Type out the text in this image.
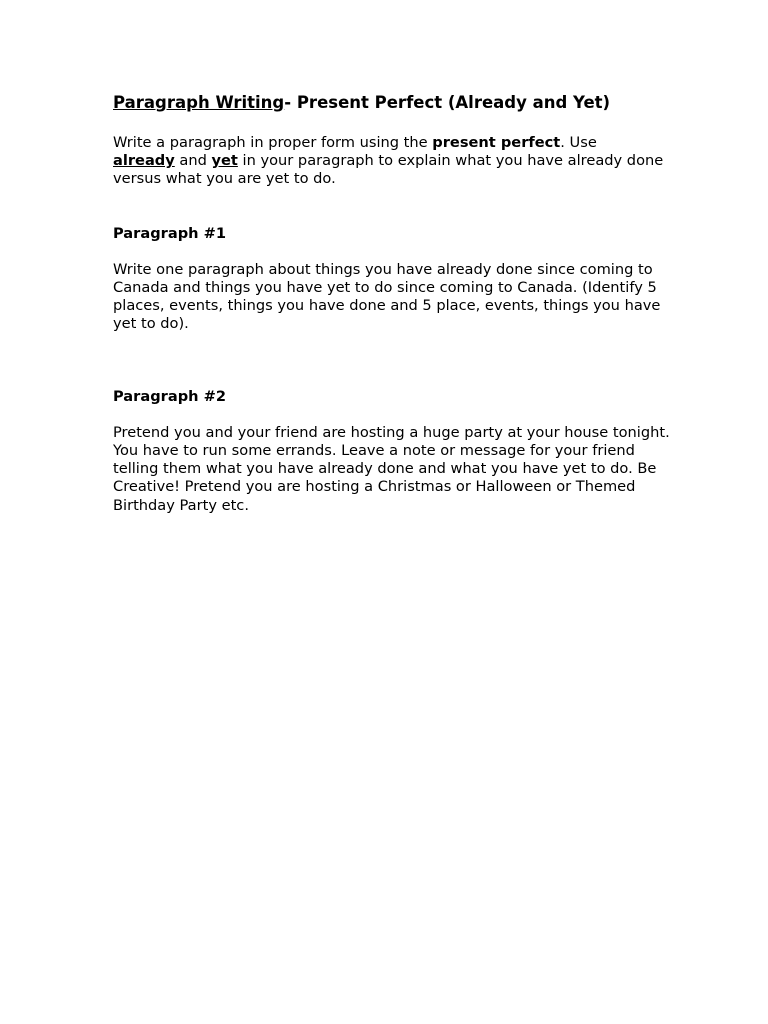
Paragraph Writing- Present Perfect (Already and Yet)

Write a paragraph in proper form using the present perfect. Use
already and yet in your paragraph to explain what you have already done versus what you are yet to do.

Paragraph #1

Write one paragraph about things you have already done since coming to Canada and things you have yet to do since coming to Canada. (Identify 5 places, events, things you have done and 5 place, events, things you have yet to do).

Paragraph #2

Pretend you and your friend are hosting a huge party at your house tonight. You have to run some errands. Leave a note or message for your friend telling them what you have already done and what you have yet to do. Be Creative! Pretend you are hosting a Christmas or Halloween or Themed Birthday Party etc.
